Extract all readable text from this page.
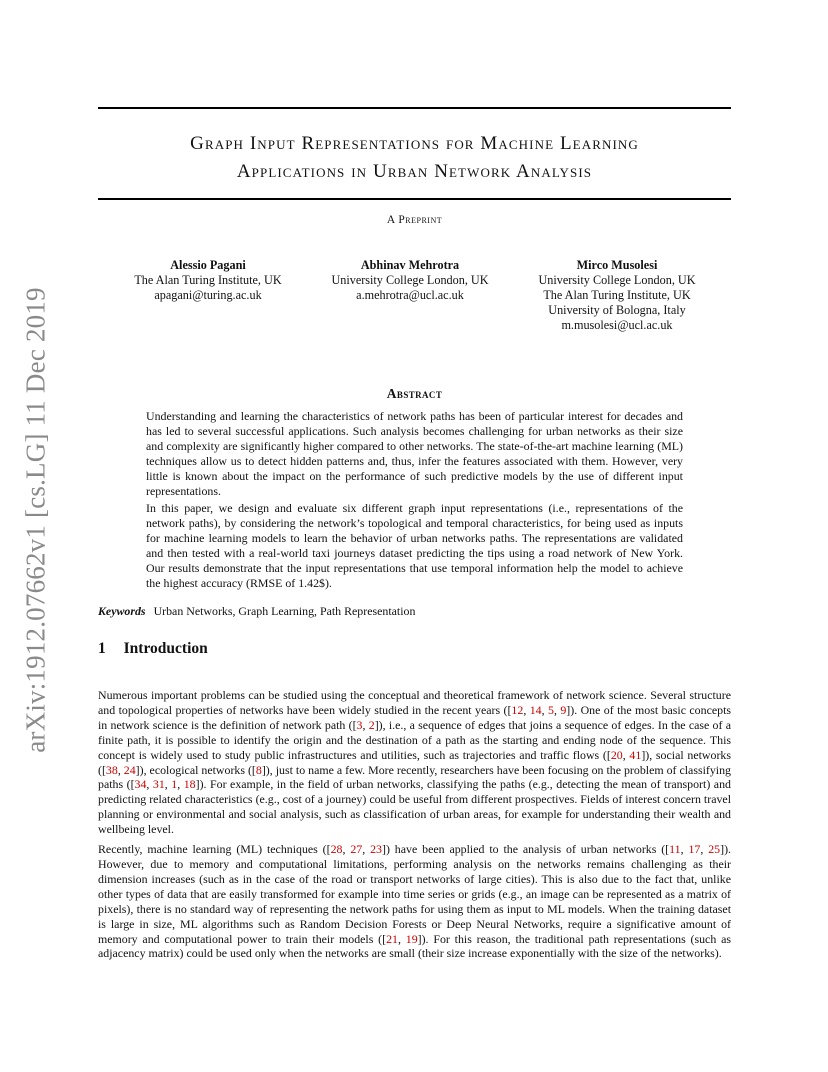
arXiv:1912.07662v1 [cs.LG] 11 Dec 2019
Graph Input Representations for Machine Learning
Applications in Urban Network Analysis
A Preprint
Alessio Pagani
The Alan Turing Institute, UK
apagani@turing.ac.uk
Abhinav Mehrotra
University College London, UK
a.mehrotra@ucl.ac.uk
Mirco Musolesi
University College London, UK
The Alan Turing Institute, UK
University of Bologna, Italy
m.musolesi@ucl.ac.uk
Abstract

Understanding and learning the characteristics of network paths has been of particular interest for decades and has led to several successful applications. Such analysis becomes challenging for urban networks as their size and complexity are significantly higher compared to other networks. The state-of-the-art machine learning (ML) techniques allow us to detect hidden patterns and, thus, infer the features associated with them. However, very little is known about the impact on the performance of such predictive models by the use of different input representations.

In this paper, we design and evaluate six different graph input representations (i.e., representations of the network paths), by considering the network’s topological and temporal characteristics, for being used as inputs for machine learning models to learn the behavior of urban networks paths. The representations are validated and then tested with a real-world taxi journeys dataset predicting the tips using a road network of New York. Our results demonstrate that the input representations that use temporal information help the model to achieve the highest accuracy (RMSE of 1.42$).

Keywords Urban Networks, Graph Learning, Path Representation
1 Introduction

Numerous important problems can be studied using the conceptual and theoretical framework of network science. Several structure and topological properties of networks have been widely studied in the recent years ([12, 14, 5, 9]). One of the most basic concepts in network science is the definition of network path ([3, 2]), i.e., a sequence of edges that joins a sequence of edges. In the case of a finite path, it is possible to identify the origin and the destination of a path as the starting and ending node of the sequence. This concept is widely used to study public infrastructures and utilities, such as trajectories and traffic flows ([20, 41]), social networks ([38, 24]), ecological networks ([8]), just to name a few. More recently, researchers have been focusing on the problem of classifying paths ([34, 31, 1, 18]). For example, in the field of urban networks, classifying the paths (e.g., detecting the mean of transport) and predicting related characteristics (e.g., cost of a journey) could be useful from different prospectives. Fields of interest concern travel planning or environmental and social analysis, such as classification of urban areas, for example for understanding their wealth and wellbeing level.

Recently, machine learning (ML) techniques ([28, 27, 23]) have been applied to the analysis of urban networks ([11, 17, 25]). However, due to memory and computational limitations, performing analysis on the networks remains challenging as their dimension increases (such as in the case of the road or transport networks of large cities). This is also due to the fact that, unlike other types of data that are easily transformed for example into time series or grids (e.g., an image can be represented as a matrix of pixels), there is no standard way of representing the network paths for using them as input to ML models. When the training dataset is large in size, ML algorithms such as Random Decision Forests or Deep Neural Networks, require a significative amount of memory and computational power to train their models ([21, 19]). For this reason, the traditional path representations (such as adjacency matrix) could be used only when the networks are small (their size increase exponentially with the size of the networks).
